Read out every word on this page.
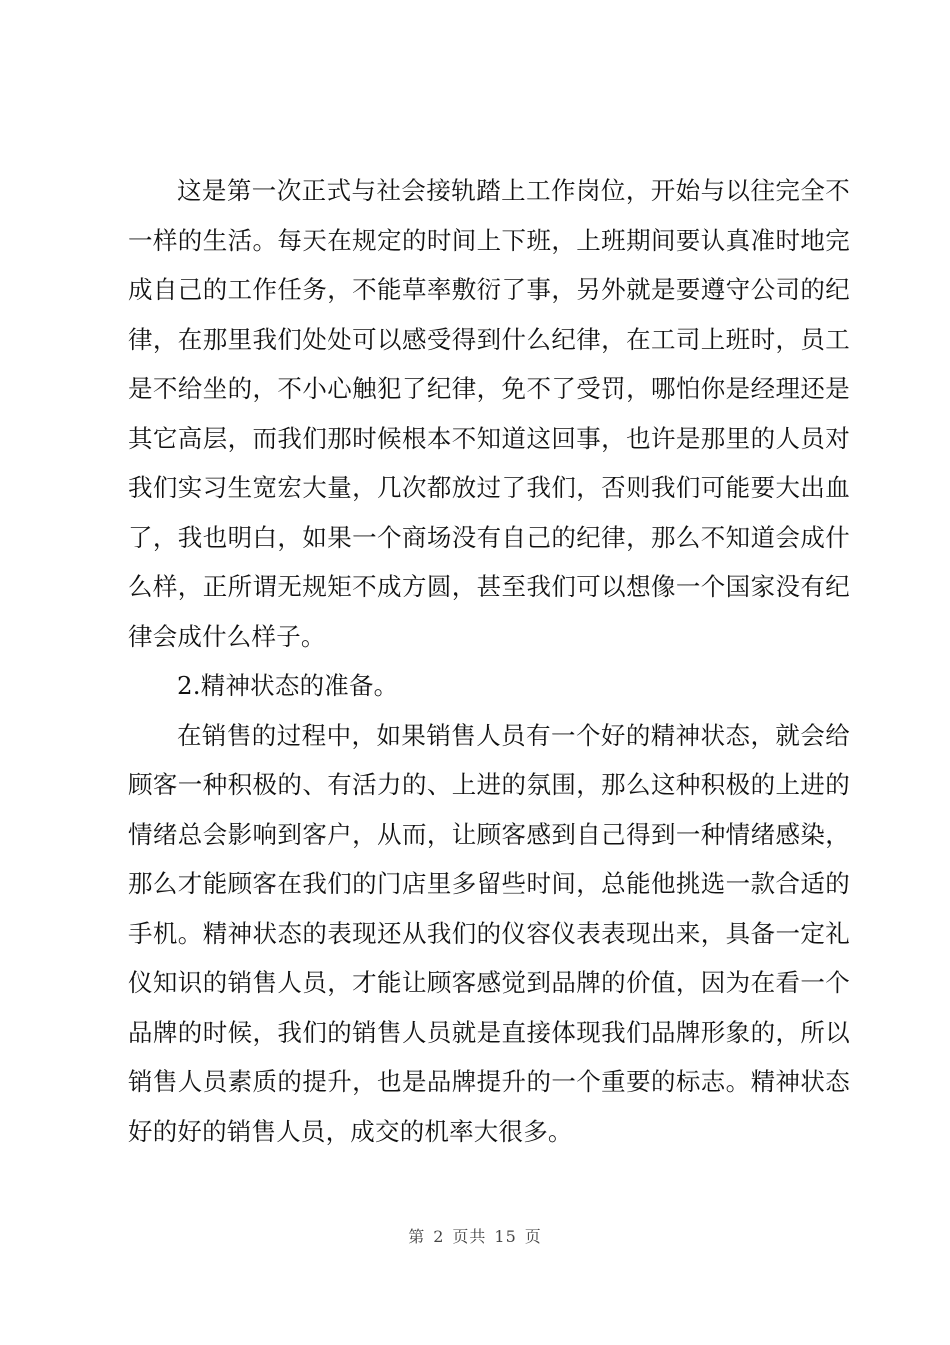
这是第一次正式与社会接轨踏上工作岗位，开始与以往完全不一样的生活。每天在规定的时间上下班，上班期间要认真准时地完成自己的工作任务，不能草率敷衍了事，另外就是要遵守公司的纪律，在那里我们处处可以感受得到什么纪律，在工司上班时，员工是不给坐的，不小心触犯了纪律，免不了受罚，哪怕你是经理还是其它高层，而我们那时候根本不知道这回事，也许是那里的人员对我们实习生宽宏大量，几次都放过了我们，否则我们可能要大出血了，我也明白，如果一个商场没有自己的纪律，那么不知道会成什么样，正所谓无规矩不成方圆，甚至我们可以想像一个国家没有纪律会成什么样子。

2.精神状态的准备。

在销售的过程中，如果销售人员有一个好的精神状态，就会给顾客一种积极的、有活力的、上进的氛围，那么这种积极的上进的情绪总会影响到客户，从而，让顾客感到自己得到一种情绪感染，那么才能顾客在我们的门店里多留些时间，总能他挑选一款合适的手机。精神状态的表现还从我们的仪容仪表表现出来，具备一定礼仪知识的销售人员，才能让顾客感觉到品牌的价值，因为在看一个品牌的时候，我们的销售人员就是直接体现我们品牌形象的，所以销售人员素质的提升，也是品牌提升的一个重要的标志。精神状态好的好的销售人员，成交的机率大很多。

第 2 页共 15 页
